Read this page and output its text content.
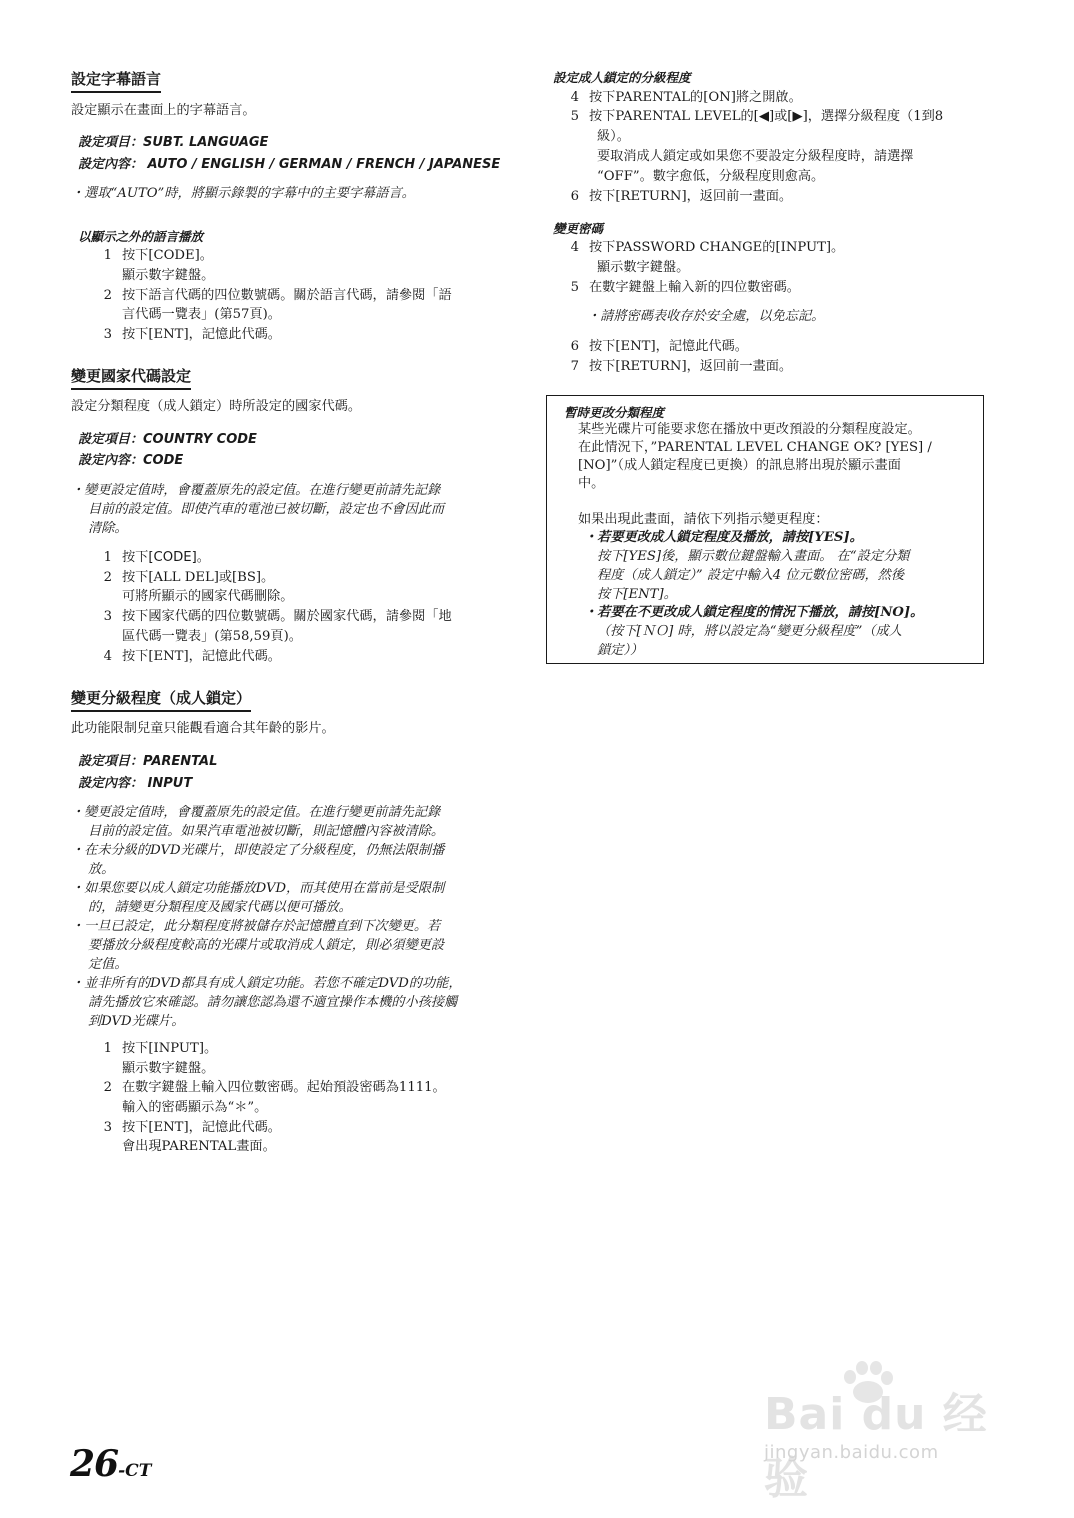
設定字幕語言
設定顯示在畫面上的字幕語言。
設定項目：SUBT. LANGUAGE
設定內容： AUTO / ENGLISH / GERMAN / FRENCH / JAPANESE
・選取“AUTO”時，將顯示錄製的字幕中的主要字幕語言。
以顯示之外的語言播放
1 按下[CODE]。
顯示數字鍵盤。
2 按下語言代碼的四位數號碼。關於語言代碼，請參閱「語
言代碼一覽表」(第57頁)。
3 按下[ENT]，記憶此代碼。
變更國家代碼設定
設定分類程度（成人鎖定）時所設定的國家代碼。
設定項目：COUNTRY CODE
設定內容：CODE
・變更設定值時，會覆蓋原先的設定值。在進行變更前請先記錄
目前的設定值。即使汽車的電池已被切斷，設定也不會因此而
清除。
1 按下[CODE]。
2 按下[ALL DEL]或[BS]。
可將所顯示的國家代碼刪除。
3 按下國家代碼的四位數號碼。關於國家代碼，請參閱「地
區代碼一覽表」(第58,59頁)。
4 按下[ENT]，記憶此代碼。
變更分級程度（成人鎖定）
此功能限制兒童只能觀看適合其年齡的影片。
設定項目：PARENTAL
設定內容： INPUT
・變更設定值時，會覆蓋原先的設定值。在進行變更前請先記錄
目前的設定值。如果汽車電池被切斷，則記憶體內容被清除。
・在未分級的DVD光碟片，即使設定了分級程度，仍無法限制播
放。
・如果您要以成人鎖定功能播放DVD，而其使用在當前是受限制
的，請變更分類程度及國家代碼以便可播放。
・一旦已設定，此分類程度將被儲存於記憶體直到下次變更。若
要播放分級程度較高的光碟片或取消成人鎖定，則必須變更設
定值。
・並非所有的DVD都具有成人鎖定功能。若您不確定DVD的功能，
請先播放它來確認。請勿讓您認為還不適宜操作本機的小孩接觸
到DVD光碟片。
1 按下[INPUT]。
顯示數字鍵盤。
2 在數字鍵盤上輸入四位數密碼。起始預設密碼為1111。
輸入的密碼顯示為“＊”。
3 按下[ENT]，記憶此代碼。
會出現PARENTAL畫面。
設定成人鎖定的分級程度
4 按下PARENTAL的[ON]將之開啟。
5 按下PARENTAL LEVEL的[◀]或[▶]，選擇分級程度（1到8
級）。
要取消成人鎖定或如果您不要設定分級程度時，請選擇
“OFF”。數字愈低，分級程度則愈高。
6 按下[RETURN]，返回前一畫面。
變更密碼
4 按下PASSWORD CHANGE的[INPUT]。
顯示數字鍵盤。
5 在數字鍵盤上輸入新的四位數密碼。
・請將密碼表收存於安全處，以免忘記。
6 按下[ENT]，記憶此代碼。
7 按下[RETURN]，返回前一畫面。
暫時更改分類程度
某些光碟片可能要求您在播放中更改預設的分類程度設定。
在此情況下，”PARENTAL LEVEL CHANGE OK? [YES] /
[NO]”（成人鎖定程度已更換）的訊息將出現於顯示畫面
中。
如果出現此畫面，請依下列指示變更程度：
・若要更改成人鎖定程度及播放，請按[YES]。
按下[YES]後，顯示數位鍵盤輸入畫面。 在“設定分類
程度（成人鎖定）” 設定中輸入4 位元數位密碼，然後
按下[ENT]。
・若要在不更改成人鎖定程度的情況下播放，請按[NO]。
（按下[ＮＯ] 時，將以設定為“變更分級程度”（成人
鎖定））
26-CT
Bai du 经验
jingyan.baidu.com
